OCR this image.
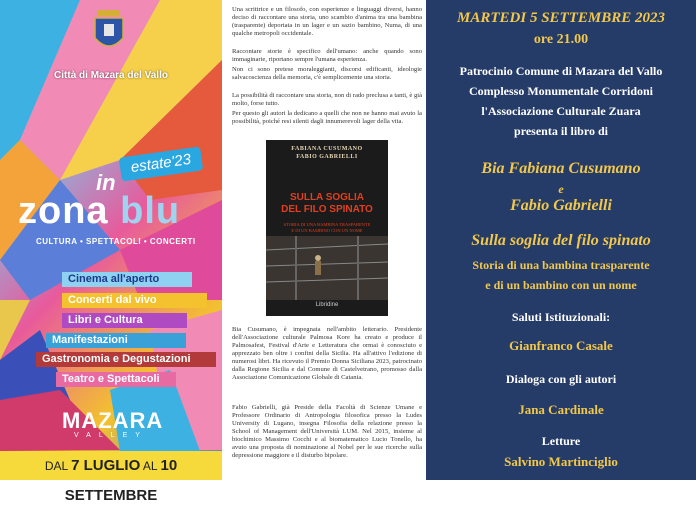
Città di Mazara del Vallo
estate'23
in
zona blu
CULTURA • SPETTACOLI • CONCERTI
Cinema all'aperto
Concerti dal vivo
Libri e Cultura
Manifestazioni
Gastronomia e Degustazioni
Teatro e Spettacoli
MAZARA
VALLEY
DAL 7 LUGLIO AL 10 SETTEMBRE

Una scrittrice e un filosofo, con esperienze e linguaggi diversi, hanno deciso di raccontare una storia, uno scambio d'anima tra una bambina (trasparente) deportata in un lager e un sazio bambino, Numa, di una qualche metropoli occidentale.

Raccontare storie è specifico dell'umano: anche quando sono immaginarie, riportano sempre l'umana esperienza.

Non ci sono pretese moraleggianti, discorsi edificanti, ideologie salvacoscienza della memoria, c'è semplicemente una storia.

La possibilità di raccontare una storia, non di rado preclusa a tanti, è già molto, forse tutto.

Per questo gli autori la dedicano a quelli che non ne hanno mai avuto la possibilità, poiché resi silenti dagli innumerevoli lager della vita.

FABIANA CUSUMANO
FABIO GABRIELLI
SULLA SOGLIA
DEL FILO SPINATO
STORIA DI UNA BAMBINA TRASPARENTE
E DI UN BAMBINO CON UN NOME
Libridine

Bia Cusumano, è impegnata nell'ambito letterario. Presidente dell'Associazione culturale Palmosa Kore ha creato e produce il Palmosafest, Festival d'Arte e Letteratura che ormai è conosciuto e apprezzato ben oltre i confini della Sicilia. Ha all'attivo l'edizione di numerosi libri. Ha ricevuto il Premio Donna Siciliana 2023, patrocinato dalla Regione Sicilia e dal Comune di Castelvetrano, promosso dalla Associazione Comunicazione Globale di Catania.

Fabio Gabrielli, già Preside della Facoltà di Scienze Umane e Professore Ordinario di Antropologia filosofica presso la Ludes University di Lugano, insegna Filosofia della relazione presso la School of Management dell'Università LUM. Nel 2015, insieme al biochimico Massimo Cocchi e al biomatematico Lucio Tonello, ha avuto una proposta di nominazione al Nobel per le sue ricerche sulla depressione maggiore e il disturbo bipolare.

MARTEDI 5 SETTEMBRE 2023
ore 21.00
Patrocinio Comune di Mazara del Vallo
Complesso Monumentale Corridoni
l'Associazione Culturale Zuara
presenta il libro di
Bia Fabiana Cusumano
e
Fabio Gabrielli
Sulla soglia del filo spinato
Storia di una bambina trasparente
e di un bambino con un nome
Saluti Istituzionali:
Gianfranco Casale
Dialoga con gli autori
Jana Cardinale
Letture
Salvino Martinciglio
